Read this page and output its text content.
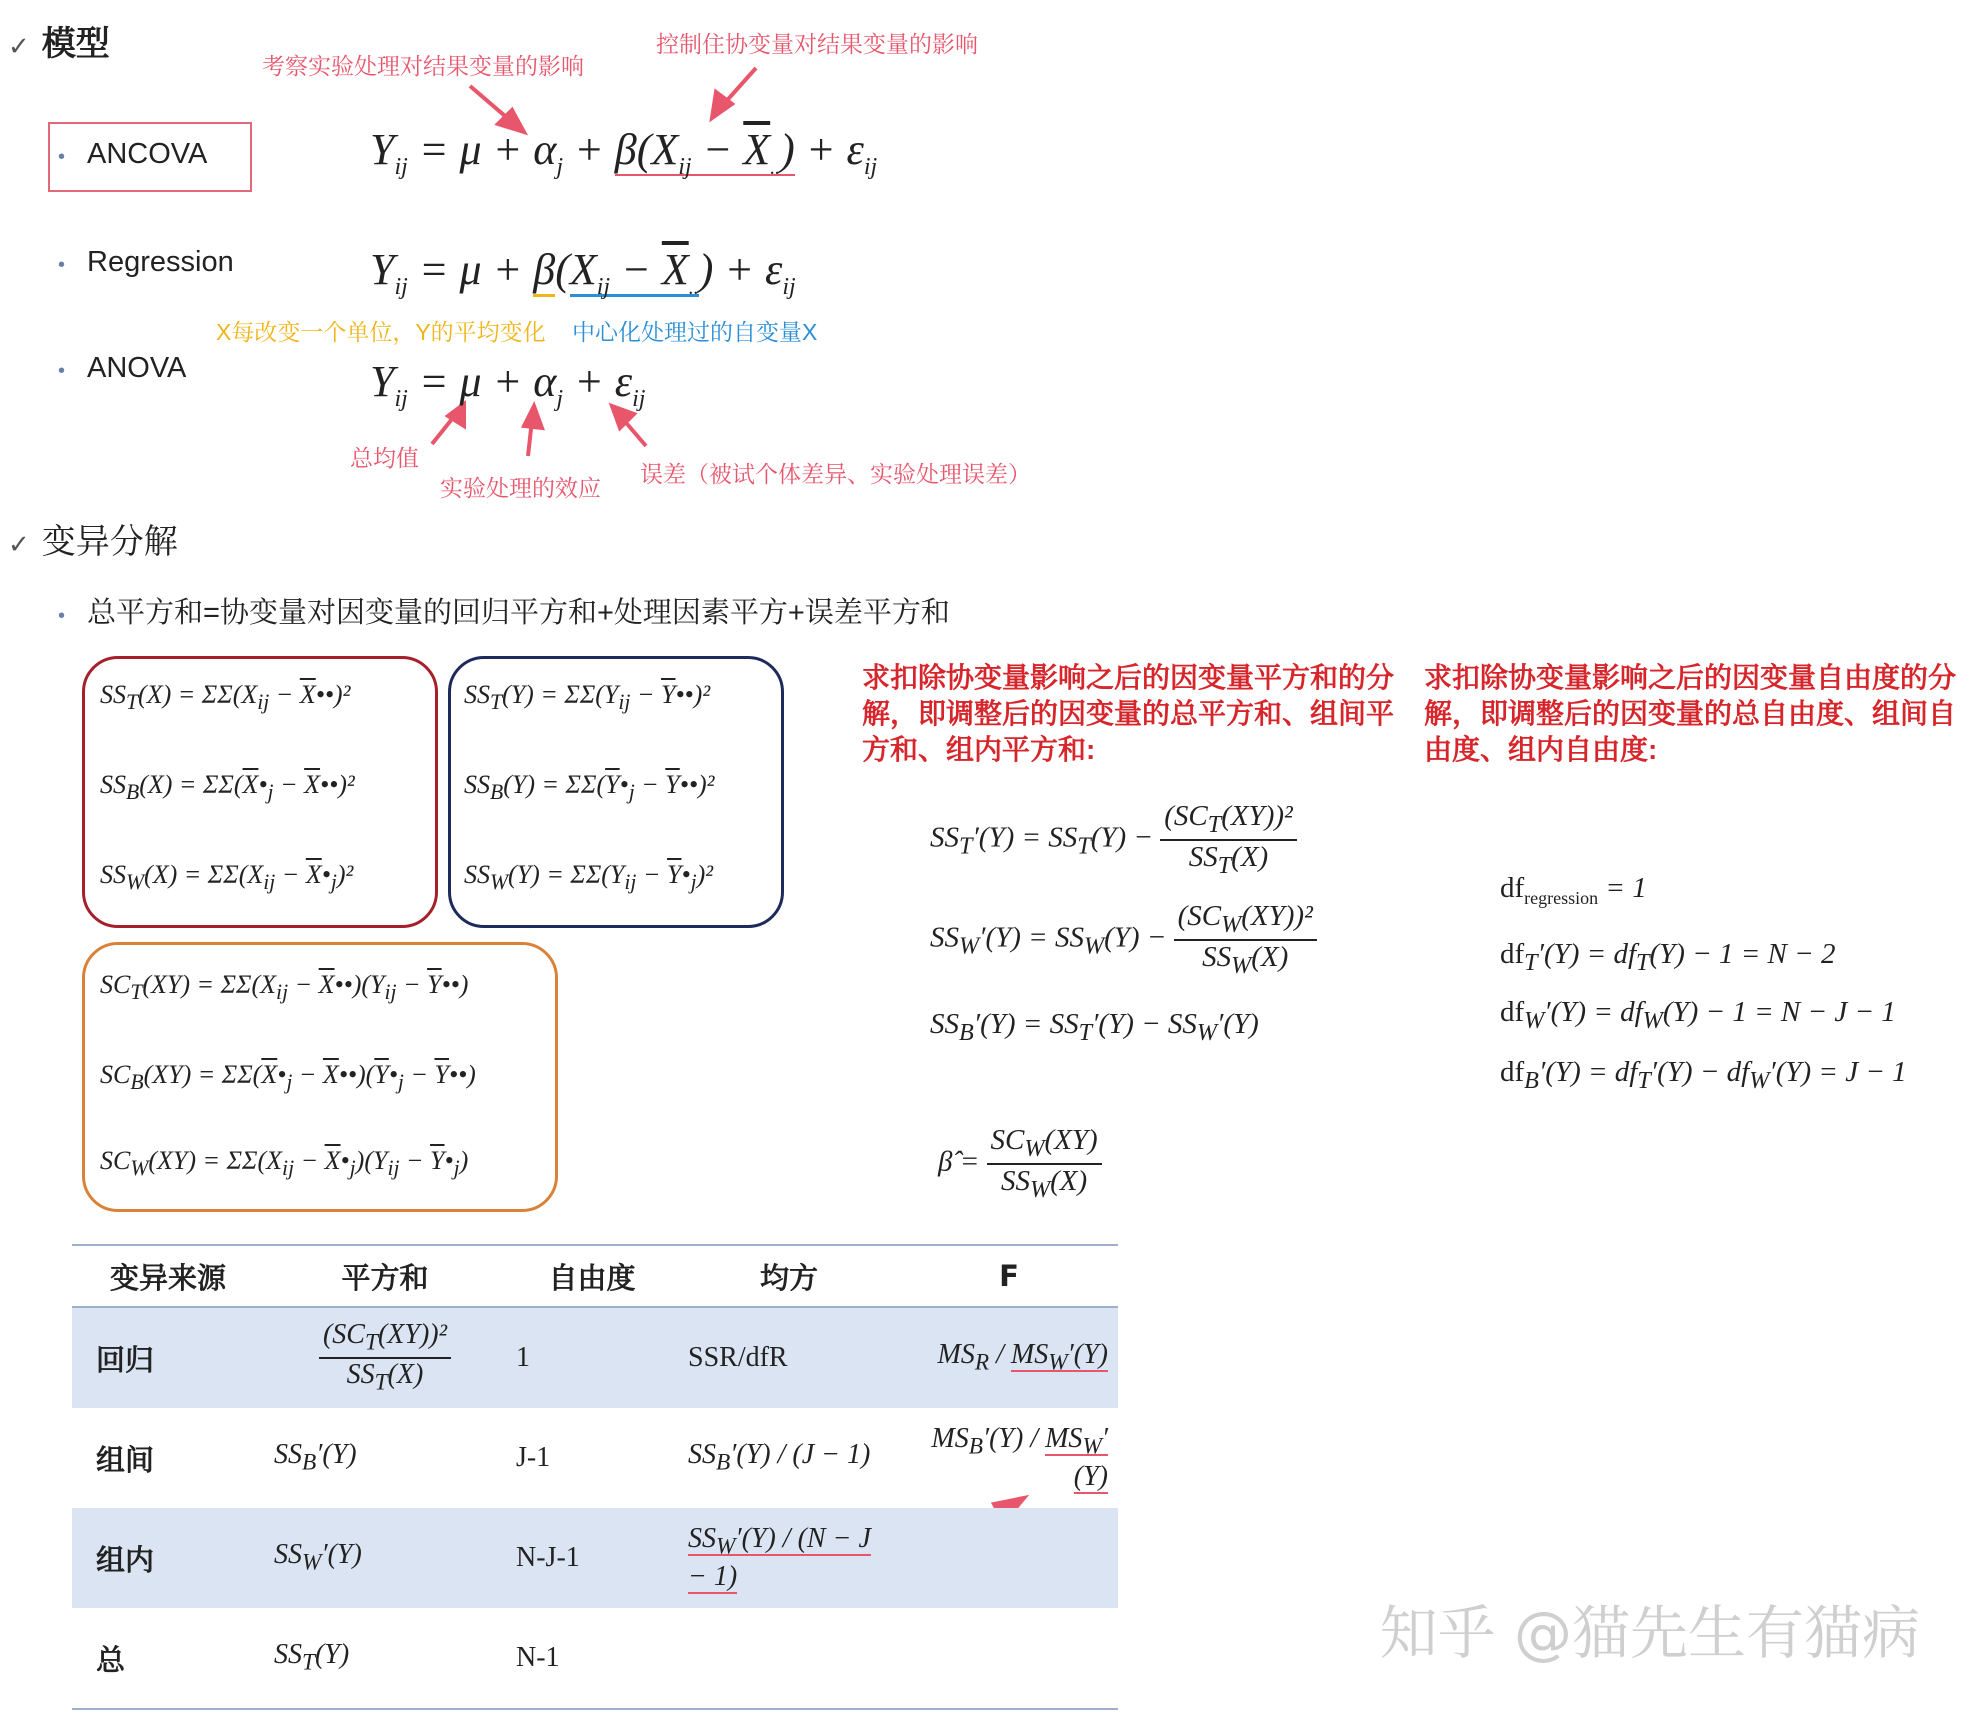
✓ 模型
考察实验处理对结果变量的影响
控制住协变量对结果变量的影响
• ANCOVA	$Y_{ij} = \mu + \alpha_j + \beta(X_{ij} - \overline{X}_{..}) + \varepsilon_{ij}$
• Regression	$Y_{ij} = \mu + \beta(X_{ij} - \overline{X}_{..}) + \varepsilon_{ij}$
X每改变一个单位，Y的平均变化 中心化处理过的自变量X
• ANOVA	$Y_{ij} = \mu + \alpha_j + \varepsilon_{ij}$
总均值
实验处理的效应
误差（被试个体差异、实验处理误差）
✓ 变异分解
• 总平方和=协变量对因变量的回归平方和+处理因素平方+误差平方和
$SS_T(X) = \Sigma\Sigma(X_{ij}$ − $\overline{X}••)^2$
$SS_B(X)$ = $\Sigma\Sigma(\overline{X}•_j$ − $\overline{X}••)^2$
$SS_W(X) = \Sigma\Sigma(X_{ij}$ − $\overline{X}•_j)^2$
$SS_T(Y) = \Sigma\Sigma(Y_{ij}$ − $\overline{Y}••)^2$
$SS_B(Y)$ = $\Sigma\Sigma(\overline{Y}•_j$ − $\overline{Y}••)^2$
$SS_W(Y) = \Sigma\Sigma(Y_{ij}$ − $\overline{Y}•_j)^2$
$SC_T(XY) = \Sigma\Sigma(X_{ij}$ − $\overline{X}••)(Y_{ij}$ − $\overline{Y}••$)
$SC_B(XY)$ = $\Sigma\Sigma(\overline{X}•_j$ − $\overline{X}••)(\overline{Y}•_j$ − $\overline{Y}••$)
$SC_W(XY) = \Sigma\Sigma(X_{ij}$ − $\overline{X}•_j)(Y_{ij}$ − $\overline{Y}•_j$)
求扣除协变量影响之后的因变量平方和的分解，即调整后的因变量的总平方和、组间平方和、组内平方和:
求扣除协变量影响之后的因变量自由度的分解，即调整后的因变量的总自由度、组间自由度、组内自由度:
$SS_T'(Y) = SS_T(Y) - \frac{(SC_T(XY))^2}{SS_T(X)}$
$SS_W'(Y) = SS_W(Y) - \frac{(SC_W(XY))^2}{SS_W(X)}$
$SS_B'(Y) = SS_T'(Y) - SS_W'(Y)$
β̂ = $\frac{SC_W(XY)}{SS_W(X)}$
$df_{regression} = 1$
$df_T'(Y) = df_T(Y) - 1 = N - 2$
$df_W'(Y) = df_W(Y) - 1 = N - J - 1$
$df_B'(Y) = df_T'(Y) - df_W'(Y) = J - 1$
变异来源	平方和	自由度	均方	F
回归	$\frac{(SC_T(XY))^2}{SS_T(X)}$	1	SSR/dfR	$MS_R / MS_W'(Y)$
组间	$SS_B'(Y)$	J-1	$SS_B'(Y) / (J - 1)$	$MS_B'(Y) / MS_W'(Y)$
组内	$SS_W'(Y)$	N-J-1	$SS_W'(Y) / (N - J - 1)$	
总	$SS_T(Y)$	N-1			知乎 @猫先生有猫病
